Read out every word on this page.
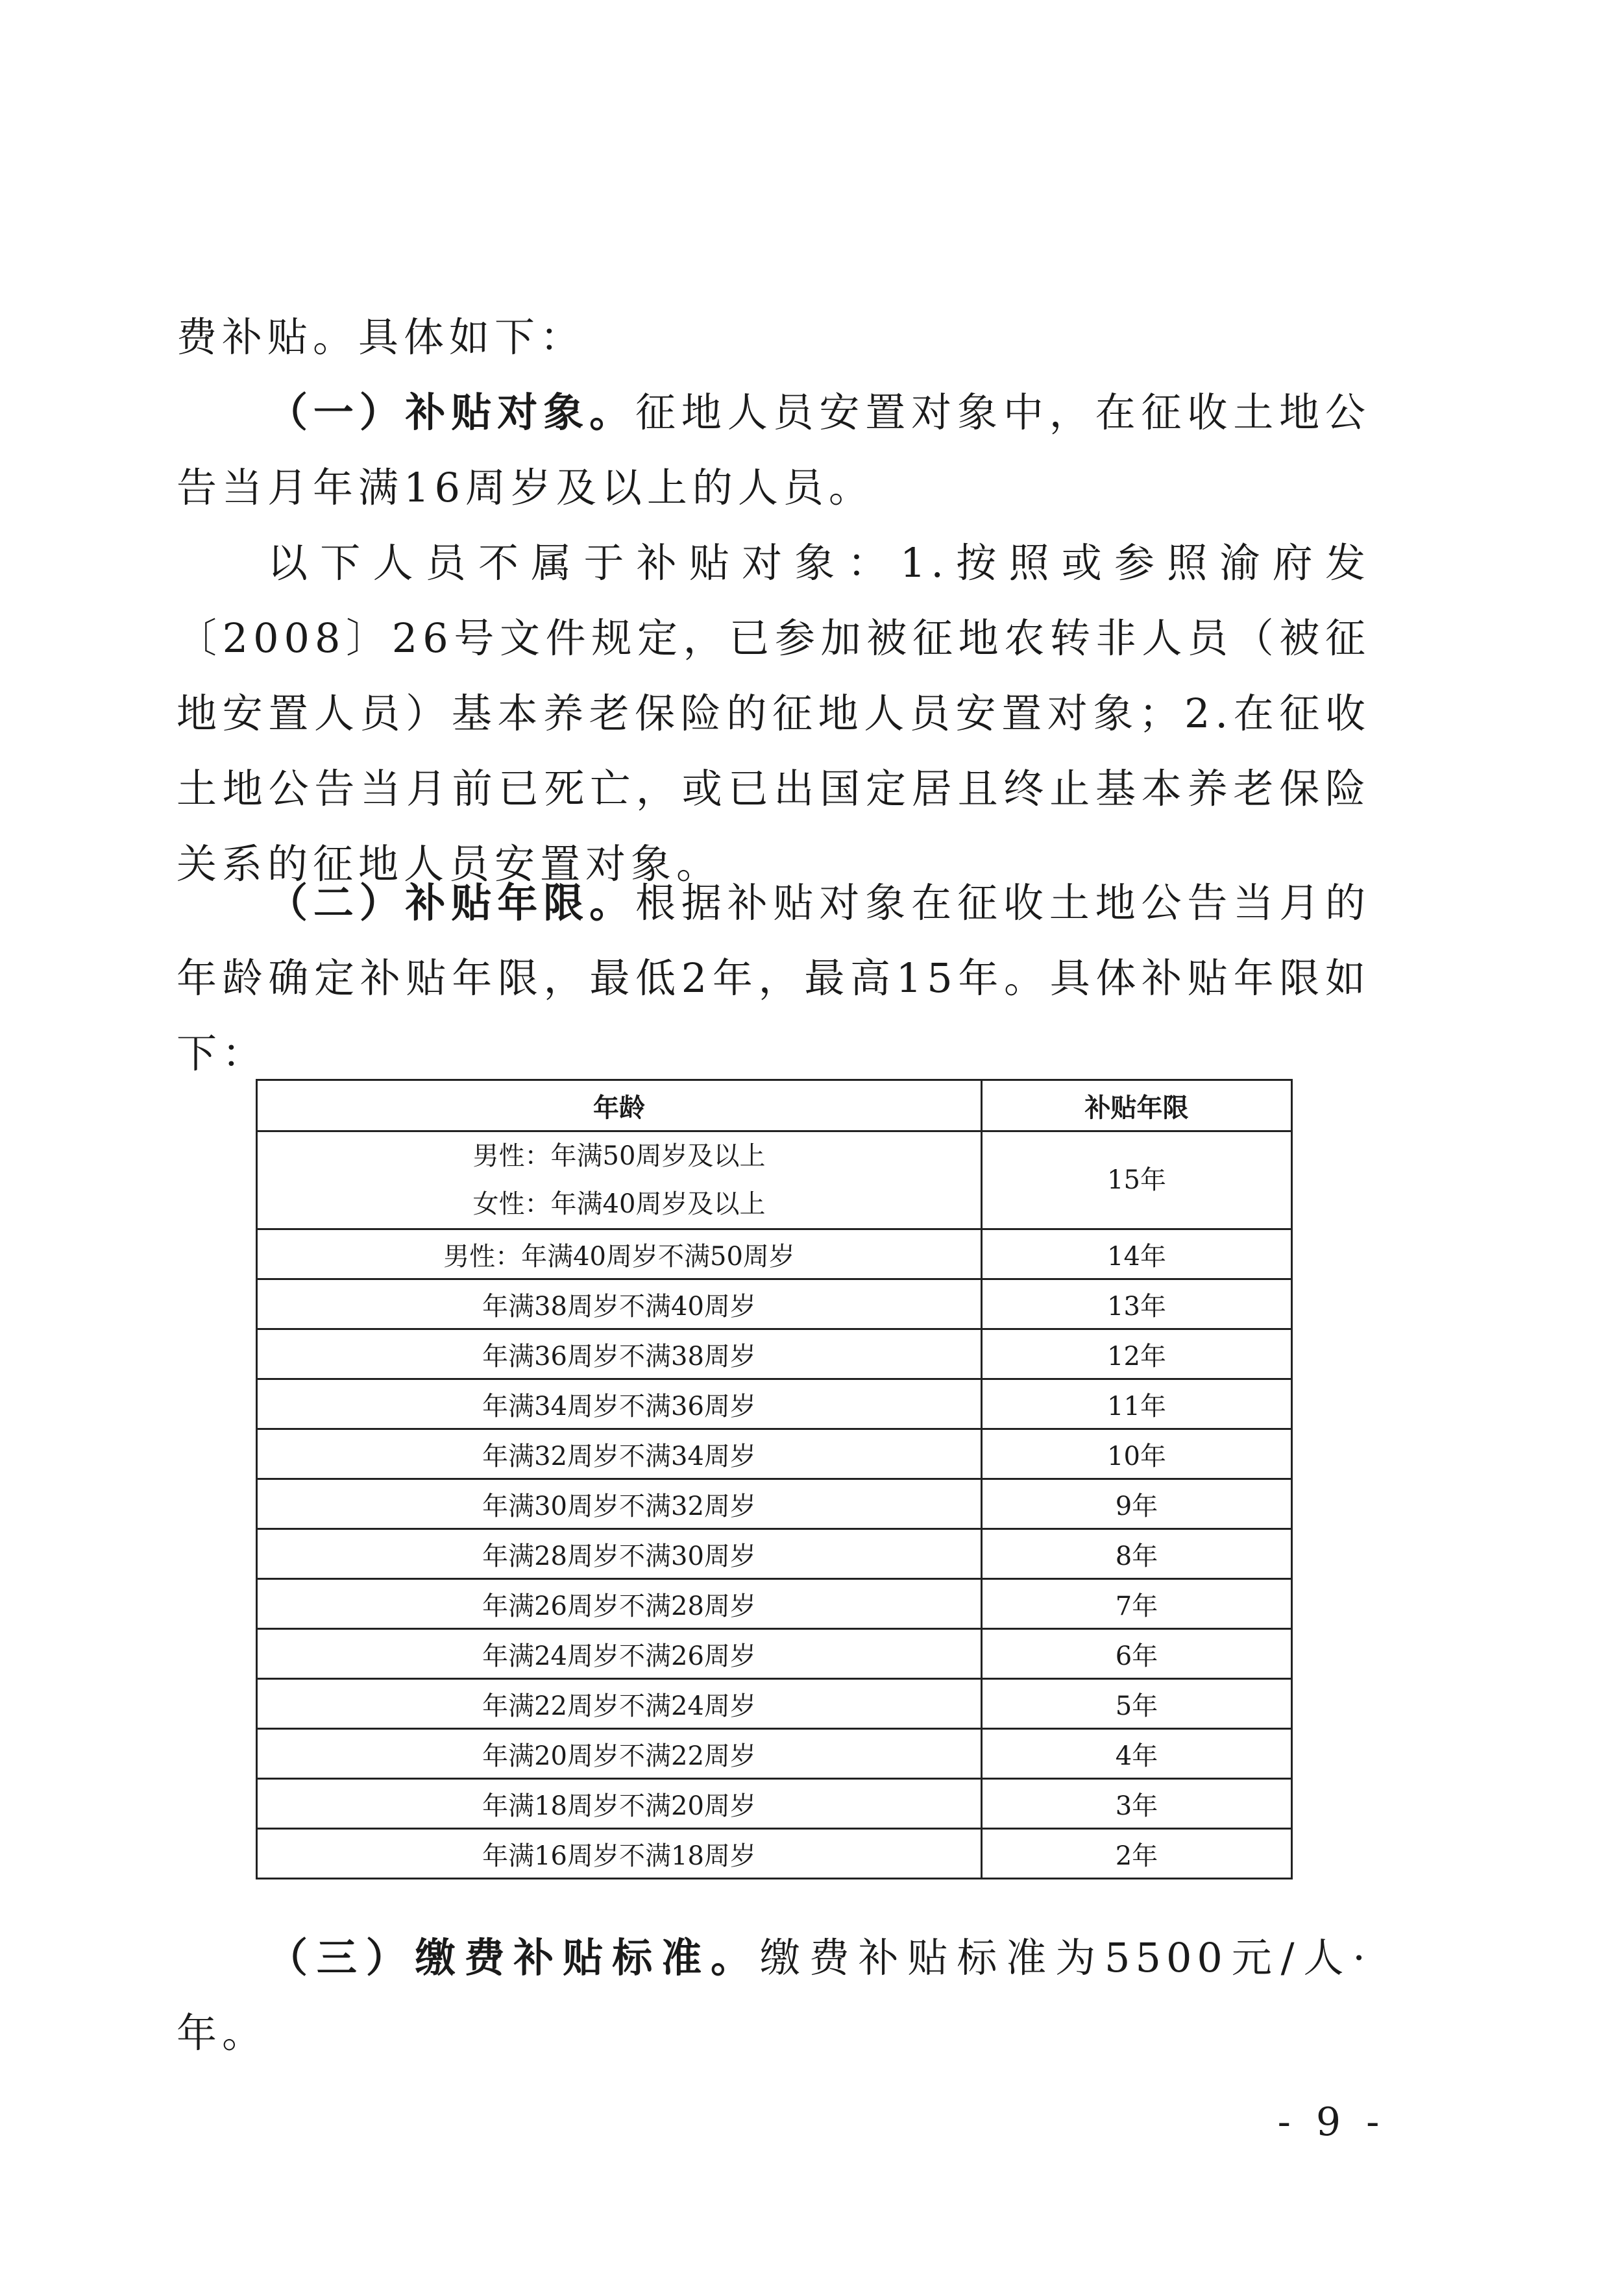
费补贴。具体如下：

（一）补贴对象。征地人员安置对象中，在征收土地公告当月年满16周岁及以上的人员。

以下人员不属于补贴对象：1.按照或参照渝府发〔2008〕26号文件规定，已参加被征地农转非人员（被征地安置人员）基本养老保险的征地人员安置对象；2.在征收土地公告当月前已死亡，或已出国定居且终止基本养老保险关系的征地人员安置对象。

（二）补贴年限。根据补贴对象在征收土地公告当月的年龄确定补贴年限，最低2年，最高15年。具体补贴年限如下：

年龄	补贴年限

男性：年满50周岁及以上
女性：年满40周岁及以上	15年
男性：年满40周岁不满50周岁	14年
年满38周岁不满40周岁	13年
年满36周岁不满38周岁	12年
年满34周岁不满36周岁	11年
年满32周岁不满34周岁	10年
年满30周岁不满32周岁	9年
年满28周岁不满30周岁	8年
年满26周岁不满28周岁	7年
年满24周岁不满26周岁	6年
年满22周岁不满24周岁	5年
年满20周岁不满22周岁	4年
年满18周岁不满20周岁	3年
年满16周岁不满18周岁	2年

（三）缴费补贴标准。缴费补贴标准为5500元/人·年。

- 9 -
